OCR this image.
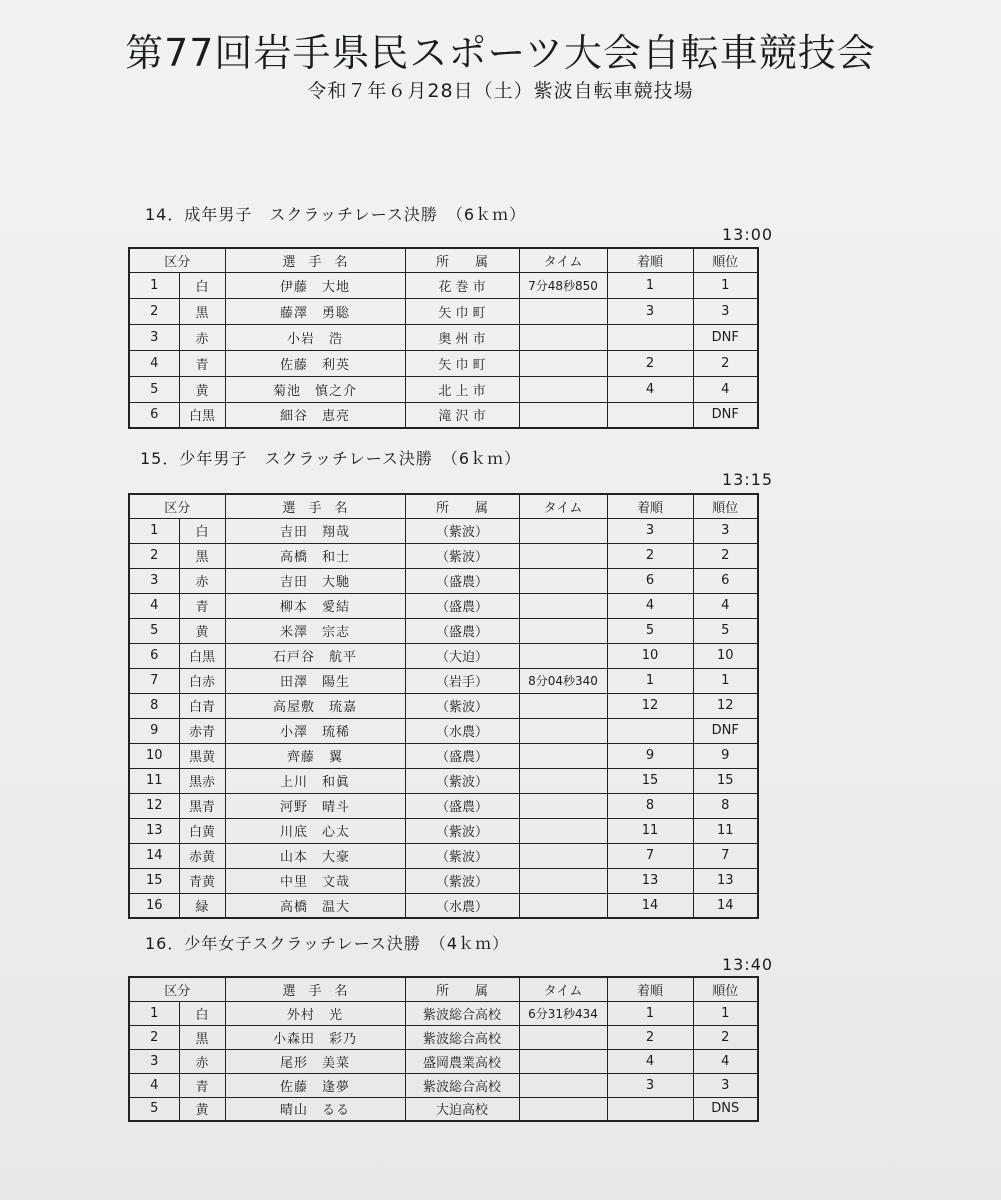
第77回岩手県民スポーツ大会自転車競技会
令和７年６月28日（土）紫波自転車競技場
14．成年男子　スクラッチレース決勝　（6ｋｍ）
13:00
区分		選　手　名	所　　属	タイム	着順	順位
1	白	伊藤　大地	花 巻 市	7分48秒850	1	1
2	黒	藤澤　勇聡	矢 巾 町		3	3
3	赤	小岩　浩	奥 州 市			DNF
4	青	佐藤　利英	矢 巾 町		2	2
5	黄	菊池　慎之介	北 上 市		4	4
6	白黒	細谷　恵亮	滝 沢 市			DNF
15．少年男子　スクラッチレース決勝　（6ｋｍ）
13:15
区分		選　手　名	所　　属	タイム	着順	順位
1	白	吉田　翔哉	（紫波）		3	3
2	黒	高橋　和士	（紫波）		2	2
3	赤	吉田　大馳	（盛農）		6	6
4	青	柳本　愛結	（盛農）		4	4
5	黄	米澤　宗志	（盛農）		5	5
6	白黒	石戸谷　航平	（大迫）		10	10
7	白赤	田澤　陽生	（岩手）	8分04秒340	1	1
8	白青	高屋敷　琉嘉	（紫波）		12	12
9	赤青	小澤　琉稀	（水農）			DNF
10	黒黄	齊藤　翼	（盛農）		9	9
11	黒赤	上川　和眞	（紫波）		15	15
12	黒青	河野　晴斗	（盛農）		8	8
13	白黄	川底　心太	（紫波）		11	11
14	赤黄	山本　大豪	（紫波）		7	7
15	青黄	中里　文哉	（紫波）		13	13
16	緑	高橋　温大	（水農）		14	14
16．少年女子スクラッチレース決勝　（4ｋｍ）
13:40
区分		選　手　名	所　　属	タイム	着順	順位
1	白	外村　光	紫波総合高校	6分31秒434	1	1
2	黒	小森田　彩乃	紫波総合高校		2	2
3	赤	尾形　美菜	盛岡農業高校		4	4
4	青	佐藤　逢夢	紫波総合高校		3	3
5	黄	晴山　るる	大迫高校			DNS
